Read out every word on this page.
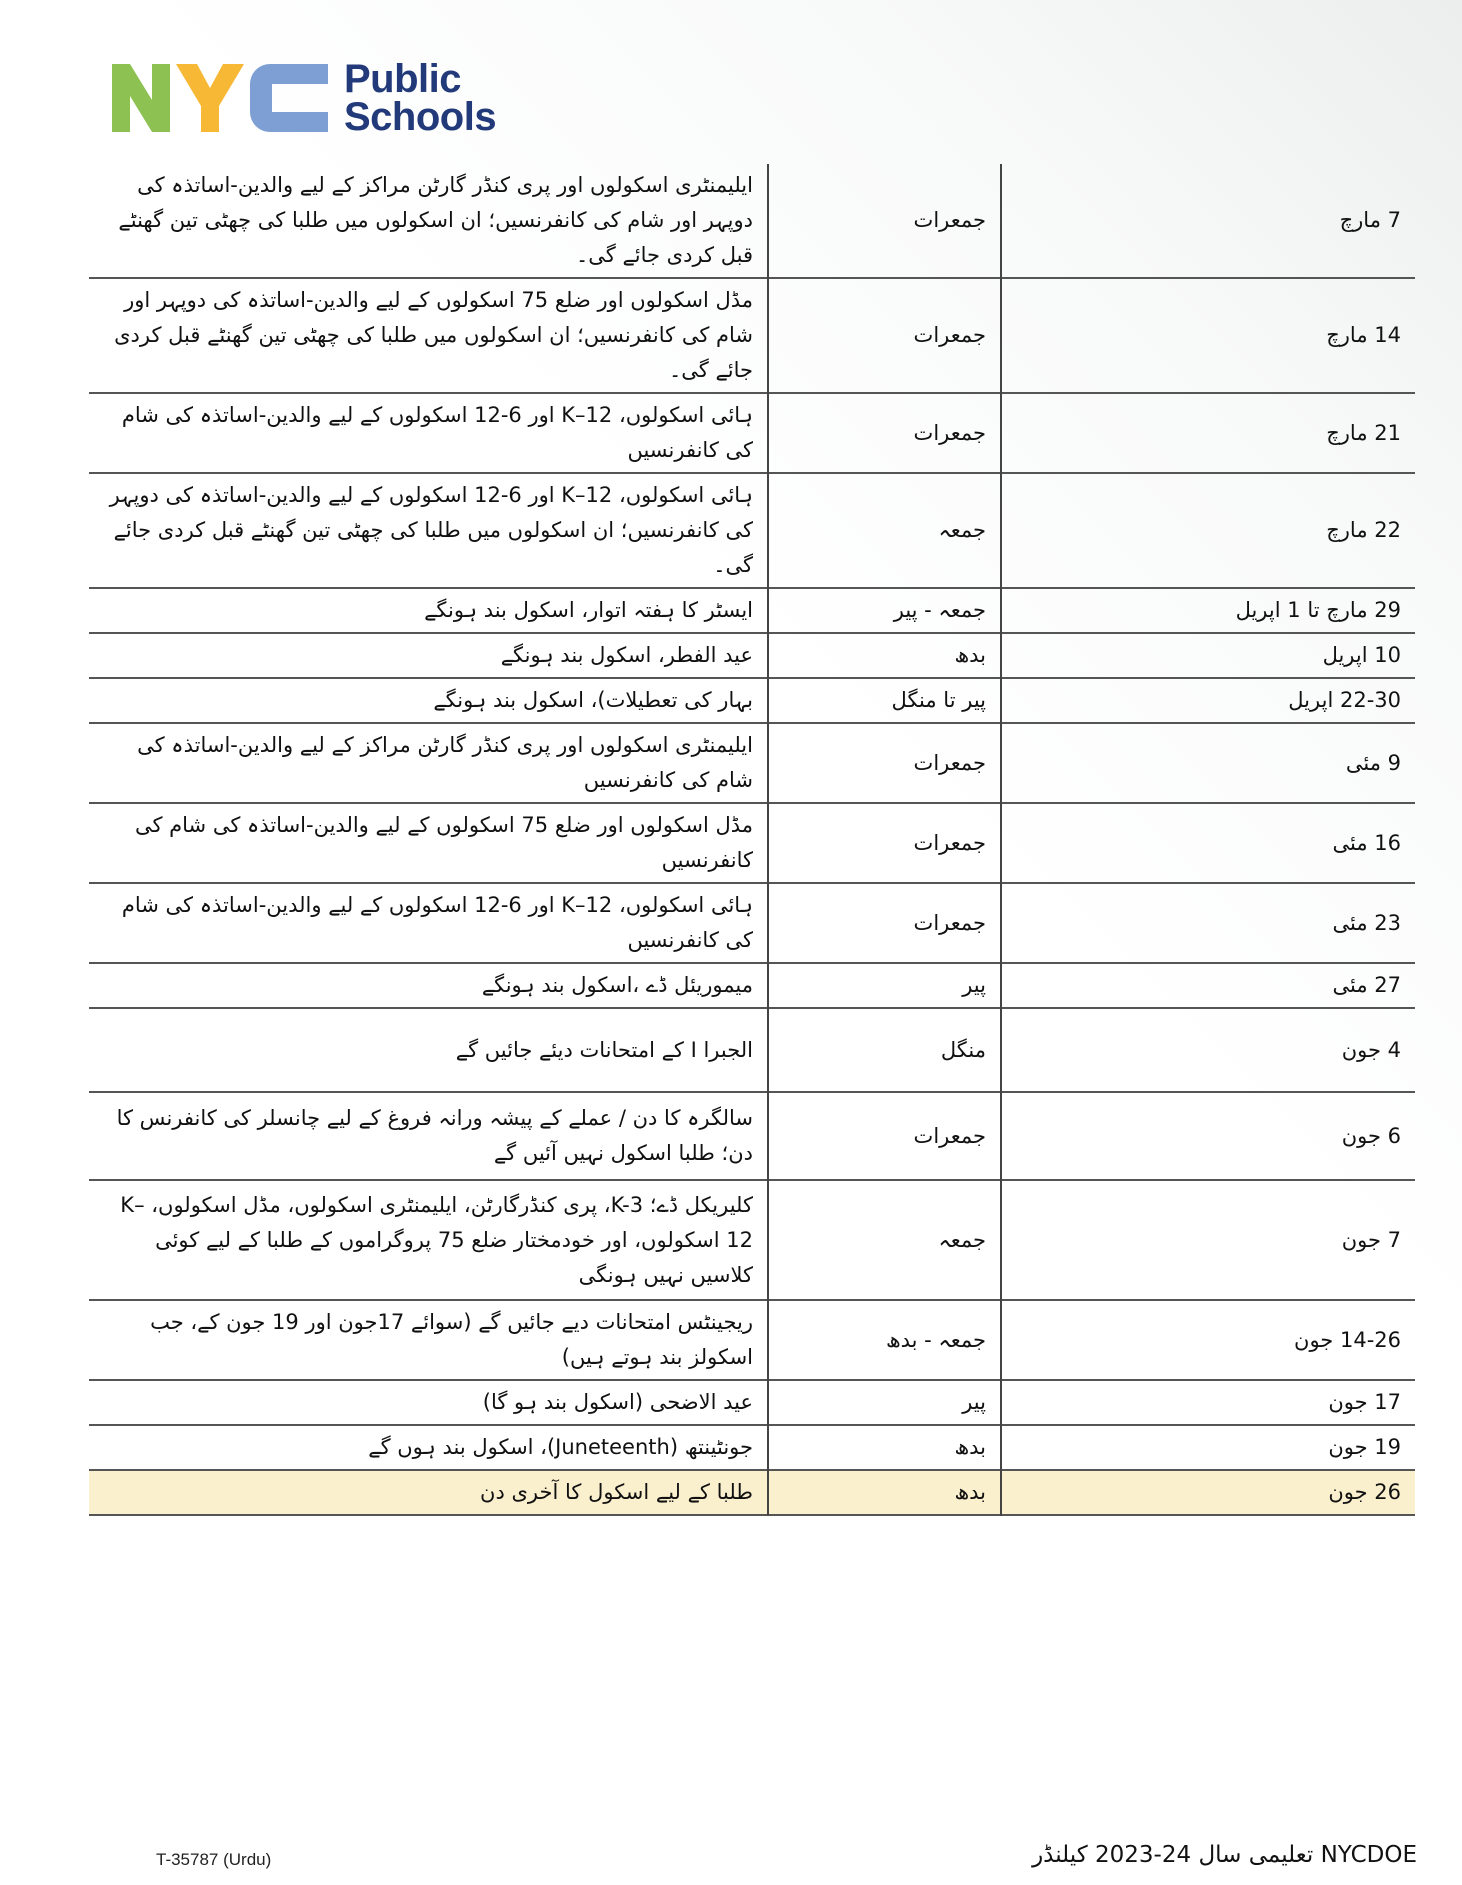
Public
Schools
7 مارچ	جمعرات	ایلیمنٹری اسکولوں اور پری کنڈر گارٹن مراکز کے لیے والدین-اساتذہ کی دوپہر اور شام کی کانفرنسیں؛ ان اسکولوں میں طلبا کی چھٹی تین گھنٹے قبل کردی جائے گی۔
14 مارچ	جمعرات	مڈل اسکولوں اور ضلع 75 اسکولوں کے لیے والدین-اساتذہ کی دوپہر اور شام کی کانفرنسیں؛ ان اسکولوں میں طلبا کی چھٹی تین گھنٹے قبل کردی جائے گی۔
21 مارچ	جمعرات	ہائی اسکولوں، K–12 اور 6-12 اسکولوں کے لیے والدین-اساتذہ کی شام کی کانفرنسیں
22 مارچ	جمعہ	ہائی اسکولوں، K–12 اور 6-12 اسکولوں کے لیے والدین-اساتذہ کی دوپہر کی کانفرنسیں؛ ان اسکولوں میں طلبا کی چھٹی تین گھنٹے قبل کردی جائے گی۔
29 مارچ تا 1 اپریل	جمعہ - پیر	ایسٹر کا ہفتہ اتوار، اسکول بند ہونگے
10 اپریل	بدھ	عید الفطر، اسکول بند ہونگے
22-30 اپریل	پیر تا منگل	بہار کی تعطیلات)، اسکول بند ہونگے
9 مئی	جمعرات	ایلیمنٹری اسکولوں اور پری کنڈر گارٹن مراکز کے لیے والدین-اساتذہ کی شام کی کانفرنسیں
16 مئی	جمعرات	مڈل اسکولوں اور ضلع 75 اسکولوں کے لیے والدین-اساتذہ کی شام کی کانفرنسیں
23 مئی	جمعرات	ہائی اسکولوں، K–12 اور 6-12 اسکولوں کے لیے والدین-اساتذہ کی شام کی کانفرنسیں
27 مئی	پیر	میموریئل ڈے ،اسکول بند ہونگے
4 جون	منگل	الجبرا I کے امتحانات دیئے جائیں گے
6 جون	جمعرات	سالگرہ کا دن / عملے کے پیشہ ورانہ فروغ کے لیے چانسلر کی کانفرنس کا دن؛ طلبا اسکول نہیں آئیں گے
7 جون	جمعہ	کلیریکل ڈے؛ K-3، پری کنڈرگارٹن، ایلیمنٹری اسکولوں، مڈل اسکولوں، K–12 اسکولوں، اور خودمختار ضلع 75 پروگراموں کے طلبا کے لیے کوئی کلاسیں نہیں ہونگی
14-26 جون	جمعہ - بدھ	ریجینٹس امتحانات دیے جائیں گے (سوائے 17جون اور 19 جون کے، جب اسکولز بند ہوتے ہیں)
17 جون	پیر	عید الاضحی (اسکول بند ہو گا)
19 جون	بدھ	جونٹینتھ (Juneteenth)، اسکول بند ہوں گے
26 جون	بدھ	طلبا کے لیے اسکول کا آخری دن
T-35787 (Urdu)	NYCDOE تعلیمی سال 24-2023 کیلنڈر
